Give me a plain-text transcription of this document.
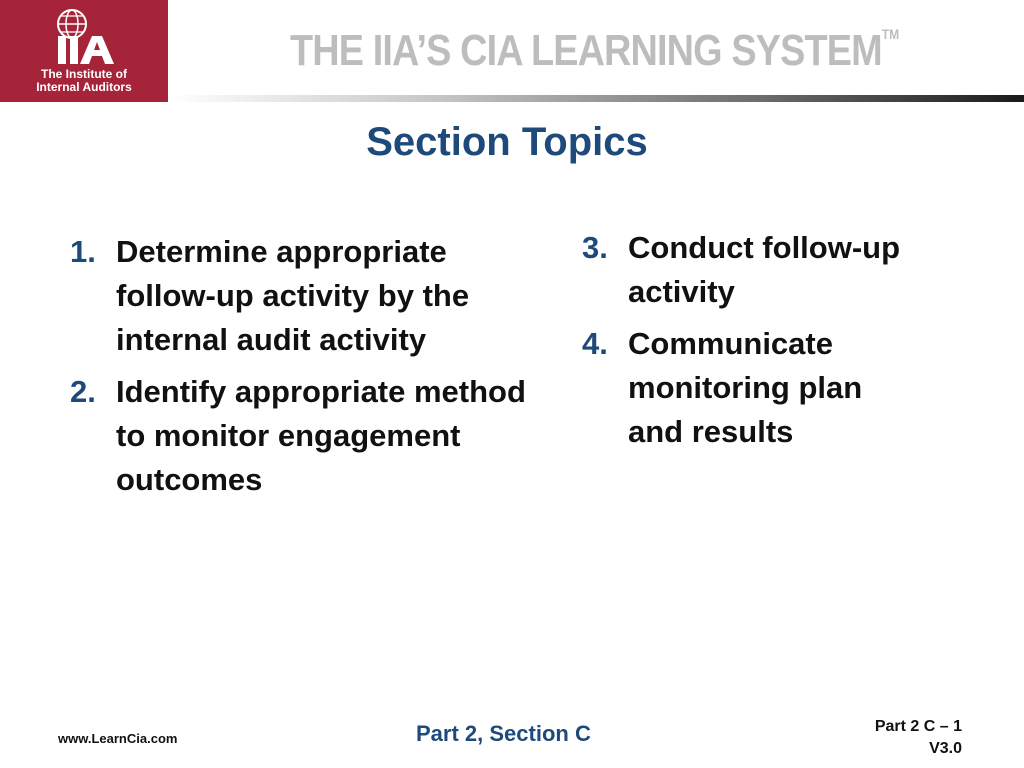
The Institute of
Internal Auditors
THE IIA’S CIA LEARNING SYSTEM™
Section Topics
1. Determine appropriate follow-up activity by the internal audit activity
2. Identify appropriate method to monitor engagement outcomes
3. Conduct follow-up activity
4. Communicate monitoring plan and results
www.LearnCia.com	Part 2, Section C	Part 2 C – 1
V3.0
